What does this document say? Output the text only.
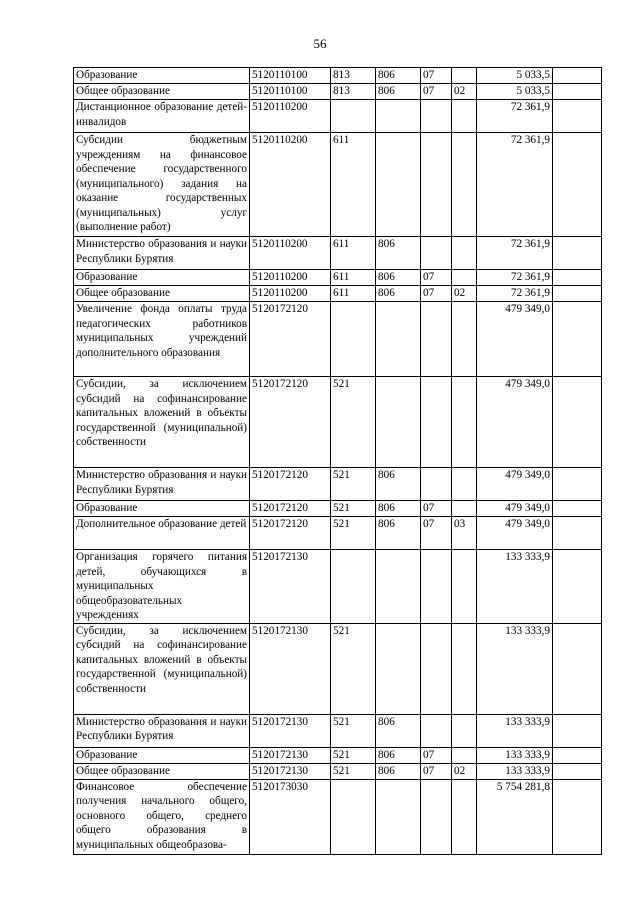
56
Образование	5120110100	813	806	07		5 033,5	
Общее образование	5120110100	813	806	07	02	5 033,5	
Дистанционное образование детей-инвалидов	5120110200					72 361,9	
Субсидии бюджетным учреждениям на финансовое обеспечение государственного (муниципального) задания на оказание государственных (муниципальных) услуг (выполнение работ)	5120110200	611				72 361,9	
Министерство образования и науки Республики Бурятия	5120110200	611	806			72 361,9	
Образование	5120110200	611	806	07		72 361,9	
Общее образование	5120110200	611	806	07	02	72 361,9	
Увеличение фонда оплаты труда педагогических работников муниципальных учреждений дополнительного образования	5120172120					479 349,0	
Субсидии, за исключением субсидий на софинансирование капитальных вложений в объекты государственной (муниципальной) собственности	5120172120	521				479 349,0	
Министерство образования и науки Республики Бурятия	5120172120	521	806			479 349,0	
Образование	5120172120	521	806	07		479 349,0	
Дополнительное образование детей	5120172120	521	806	07	03	479 349,0	
Организация горячего питания детей, обучающихся в муниципальных общеобразовательных учреждениях	5120172130					133 333,9	
Субсидии, за исключением субсидий на софинансирование капитальных вложений в объекты государственной (муниципальной) собственности	5120172130	521				133 333,9	
Министерство образования и науки Республики Бурятия	5120172130	521	806			133 333,9	
Образование	5120172130	521	806	07		133 333,9	
Общее образование	5120172130	521	806	07	02	133 333,9	
Финансовое обеспечение получения начального общего, основного общего, среднего общего образования в муниципальных общеобразова-	5120173030					5 754 281,8	
